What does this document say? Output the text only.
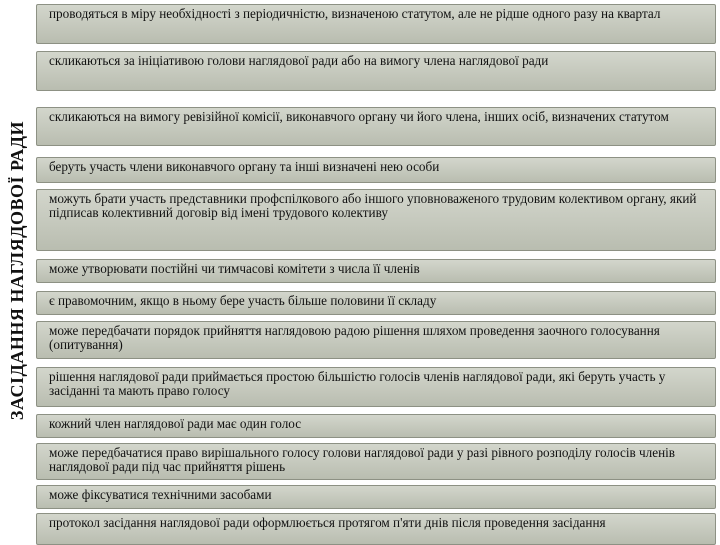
ЗАСІДАННЯ НАГЛЯДОВОЇ РАДИ
проводяться в міру необхідності з періодичністю, визначеною статутом, але не рідше одного разу на квартал
скликаються за ініціативою голови наглядової ради або на вимогу члена наглядової ради
скликаються на вимогу ревізійної комісії, виконавчого органу чи його члена, інших осіб, визначених статутом
беруть участь члени виконавчого органу та інші визначені нею особи
можуть брати участь представники профспілкового або іншого уповноваженого трудовим колективом органу, який підписав колективний договір від імені трудового колективу
може утворювати постійні чи тимчасові комітети з числа її членів
є правомочним, якщо в ньому бере участь більше половини її складу
може передбачати порядок прийняття наглядовою радою рішення шляхом проведення заочного голосування (опитування)
рішення наглядової ради приймається простою більшістю голосів членів наглядової ради, які беруть участь у засіданні та мають право голосу
кожний член наглядової ради має один голос
може передбачатися право вирішального голосу голови наглядової ради у разі рівного розподілу голосів членів наглядової ради під час прийняття рішень
може фіксуватися технічними засобами
протокол засідання наглядової ради оформлюється протягом п'яти днів після проведення засідання
